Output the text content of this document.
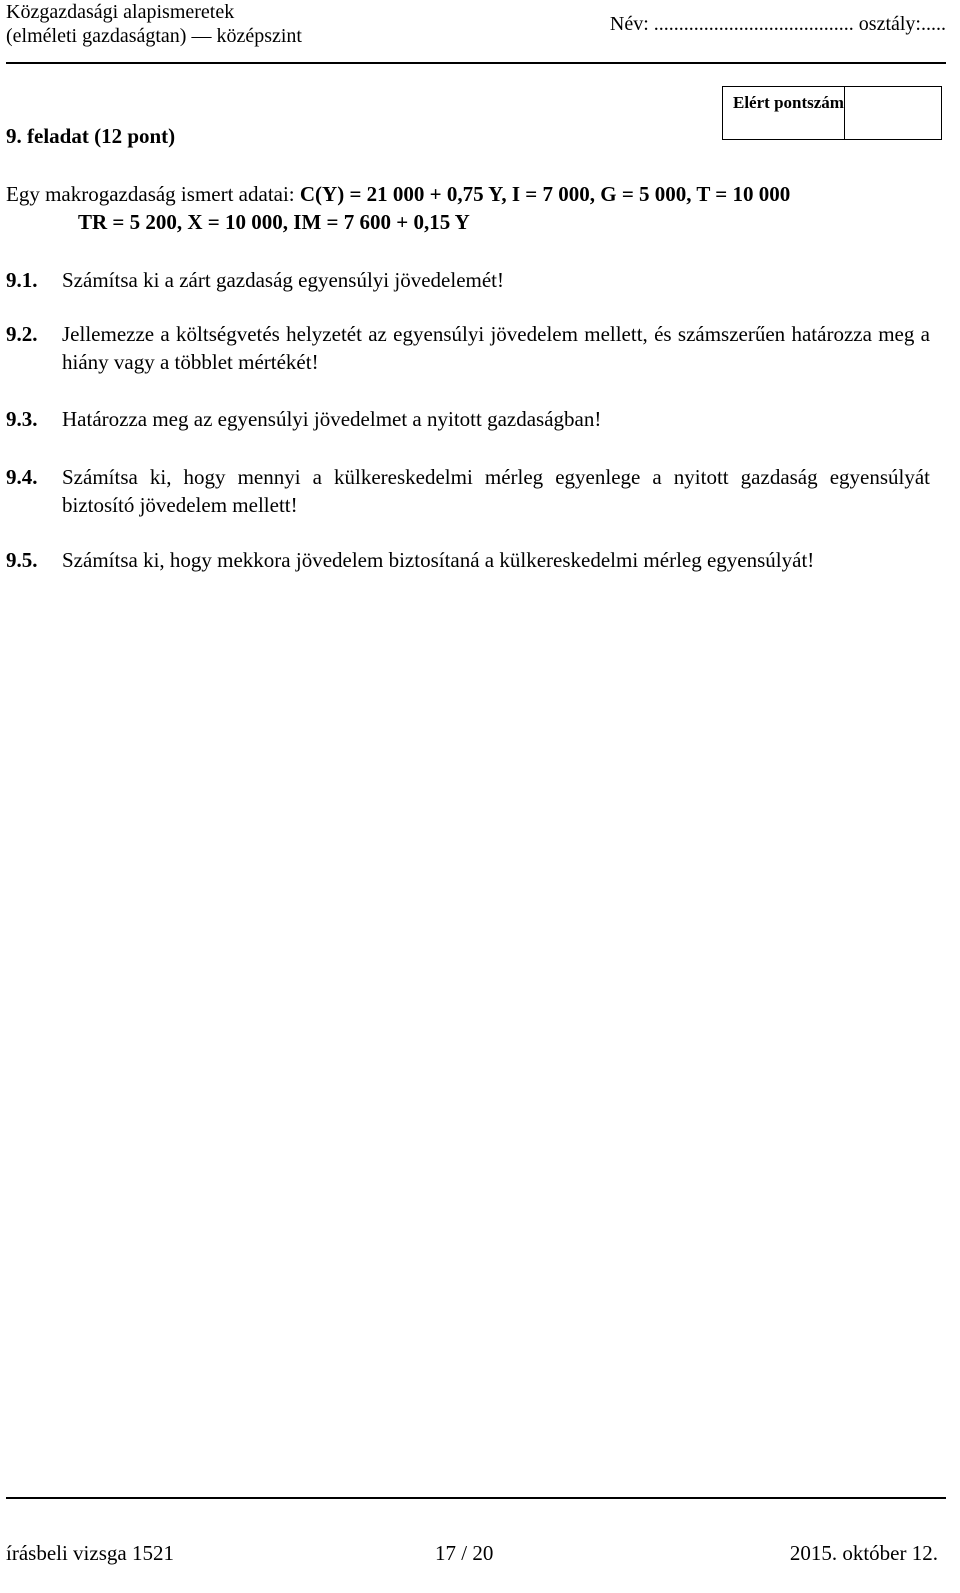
Közgazdasági alapismeretek
(elméleti gazdaságtan) — középszint
Név: ........................................ osztály:.....
Elért pontszám
9. feladat (12 pont)
Egy makrogazdaság ismert adatai: C(Y) = 21 000 + 0,75 Y, I = 7 000, G = 5 000, T = 10 000
TR = 5 200, X = 10 000, IM = 7 600 + 0,15 Y
9.1. Számítsa ki a zárt gazdaság egyensúlyi jövedelemét!
9.2. Jellemezze a költségvetés helyzetét az egyensúlyi jövedelem mellett, és számszerűen határozza meg a hiány vagy a többlet mértékét!
9.3. Határozza meg az egyensúlyi jövedelmet a nyitott gazdaságban!
9.4. Számítsa ki, hogy mennyi a külkereskedelmi mérleg egyenlege a nyitott gazdaság egyensúlyát biztosító jövedelem mellett!
9.5. Számítsa ki, hogy mekkora jövedelem biztosítaná a külkereskedelmi mérleg egyensúlyát!
írásbeli vizsga 1521	17 / 20	2015. október 12.
